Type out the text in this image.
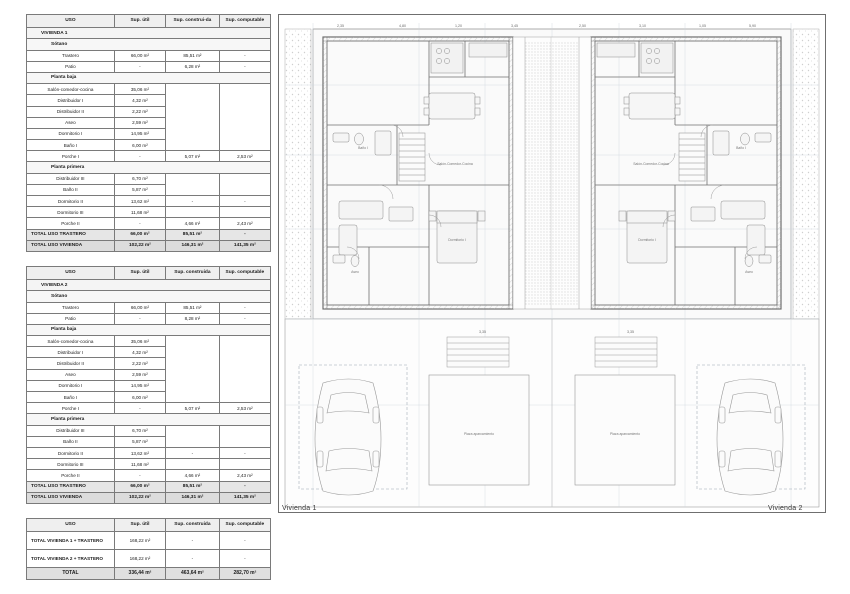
USO	Sup. útil	Sup. construi-da	Sup. computable
VIVIENDA 1			
Sótano			
Trastero	66,00 m²	85,51 m²	-
Patio	-	6,28 m²	-
Planta baja			
Salón-comedor-cocina	35,06 m²		
Distribuidor I	4,32 m²		
Distribuidor II	2,22 m²		
Aseo	2,59 m²		
Dormitorio I	14,95 m²		
Baño I	6,00 m²		
Porche I	-	5,07 m²	2,53 m²
Planta primera			
Distribuidor III	6,70 m²		
Baño II	5,87 m²		
Dormitorio II	13,62 m²	-	-
Dormitorio III	11,68 m²		
Porche II	-	4,66 m²	2,43 m²
TOTAL USO TRASTERO	66,00 m²	85,51 m²	-
TOTAL USO VIVIENDA	102,22 m²	146,31 m²	141,35 m²
USO	Sup. útil	Sup. construida	Sup. computable
VIVIENDA 2			
Sótano			
Trastero	66,00 m²	85,51 m²	-
Patio	-	8,28 m²	-
Planta baja			
Salón-comedor-cocina	35,06 m²		
Distribuidor I	4,32 m²		
Distribuidor II	2,22 m²		
Aseo	2,59 m²		
Dormitorio I	14,95 m²		
Baño I	6,00 m²		
Porche I	-	5,07 m²	2,53 m²
Planta primera			
Distribuidor III	6,70 m²		
Baño II	5,87 m²		
Dormitorio II	13,62 m²	-	-
Dormitorio III	11,68 m²		
Porche II	-	4,66 m²	2,43 m²
TOTAL USO TRASTERO	66,00 m²	85,51 m²	-
TOTAL USO VIVIENDA	102,22 m²	146,31 m²	141,35 m²
USO	Sup. útil	Sup. construida	Sup. computable
TOTAL VIVIENDA 1 + TRASTERO	168,22 m²	-	-
TOTAL VIVIENDA 2 + TRASTERO	168,22 m²	-	-
TOTAL	336,44 m²	463,64 m²	282,70 m²
2,35	4,80	1,20	3,45	2,50	3,10	1,05	5,90
3,35	3,35
Salón-Comedor-Cocina
Dormitorio I
Baño I
Aseo
Salón-Comedor-Cocina
Dormitorio I
Baño I
Aseo
Plaza aparcamiento	Plaza aparcamiento
Vivienda 1	Vivienda 2
